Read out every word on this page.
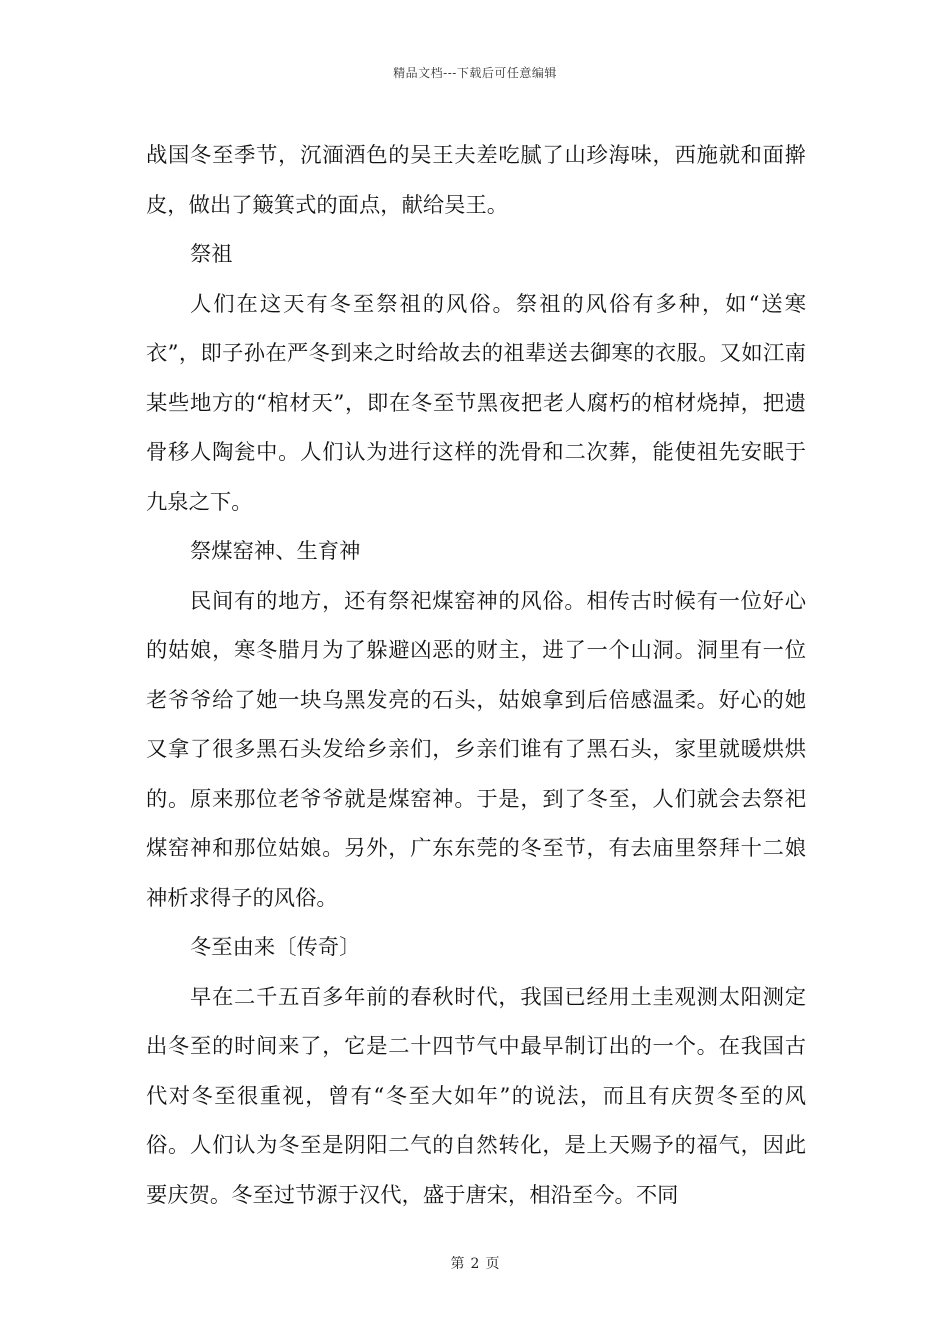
精品文档---下载后可任意编辑

战国冬至季节，沉湎酒色的吴王夫差吃腻了山珍海味，西施就和面擀皮，做出了簸箕式的面点，献给吴王。

祭祖

人们在这天有冬至祭祖的风俗。祭祖的风俗有多种，如“送寒衣”，即子孙在严冬到来之时给故去的祖辈送去御寒的衣服。又如江南某些地方的“棺材天”，即在冬至节黑夜把老人腐朽的棺材烧掉，把遗骨移人陶瓮中。人们认为进行这样的洗骨和二次葬，能使祖先安眠于九泉之下。

祭煤窑神、生育神

民间有的地方，还有祭祀煤窑神的风俗。相传古时候有一位好心的姑娘，寒冬腊月为了躲避凶恶的财主，进了一个山洞。洞里有一位老爷爷给了她一块乌黑发亮的石头，姑娘拿到后倍感温柔。好心的她又拿了很多黑石头发给乡亲们，乡亲们谁有了黑石头，家里就暖烘烘的。原来那位老爷爷就是煤窑神。于是，到了冬至，人们就会去祭祀煤窑神和那位姑娘。另外，广东东莞的冬至节，有去庙里祭拜十二娘神析求得子的风俗。

冬至由来〔传奇〕

早在二千五百多年前的春秋时代，我国已经用土圭观测太阳测定出冬至的时间来了，它是二十四节气中最早制订出的一个。在我国古代对冬至很重视，曾有“冬至大如年”的说法，而且有庆贺冬至的风俗。人们认为冬至是阴阳二气的自然转化，是上天赐予的福气，因此要庆贺。冬至过节源于汉代，盛于唐宋，相沿至今。不同

第 2 页
